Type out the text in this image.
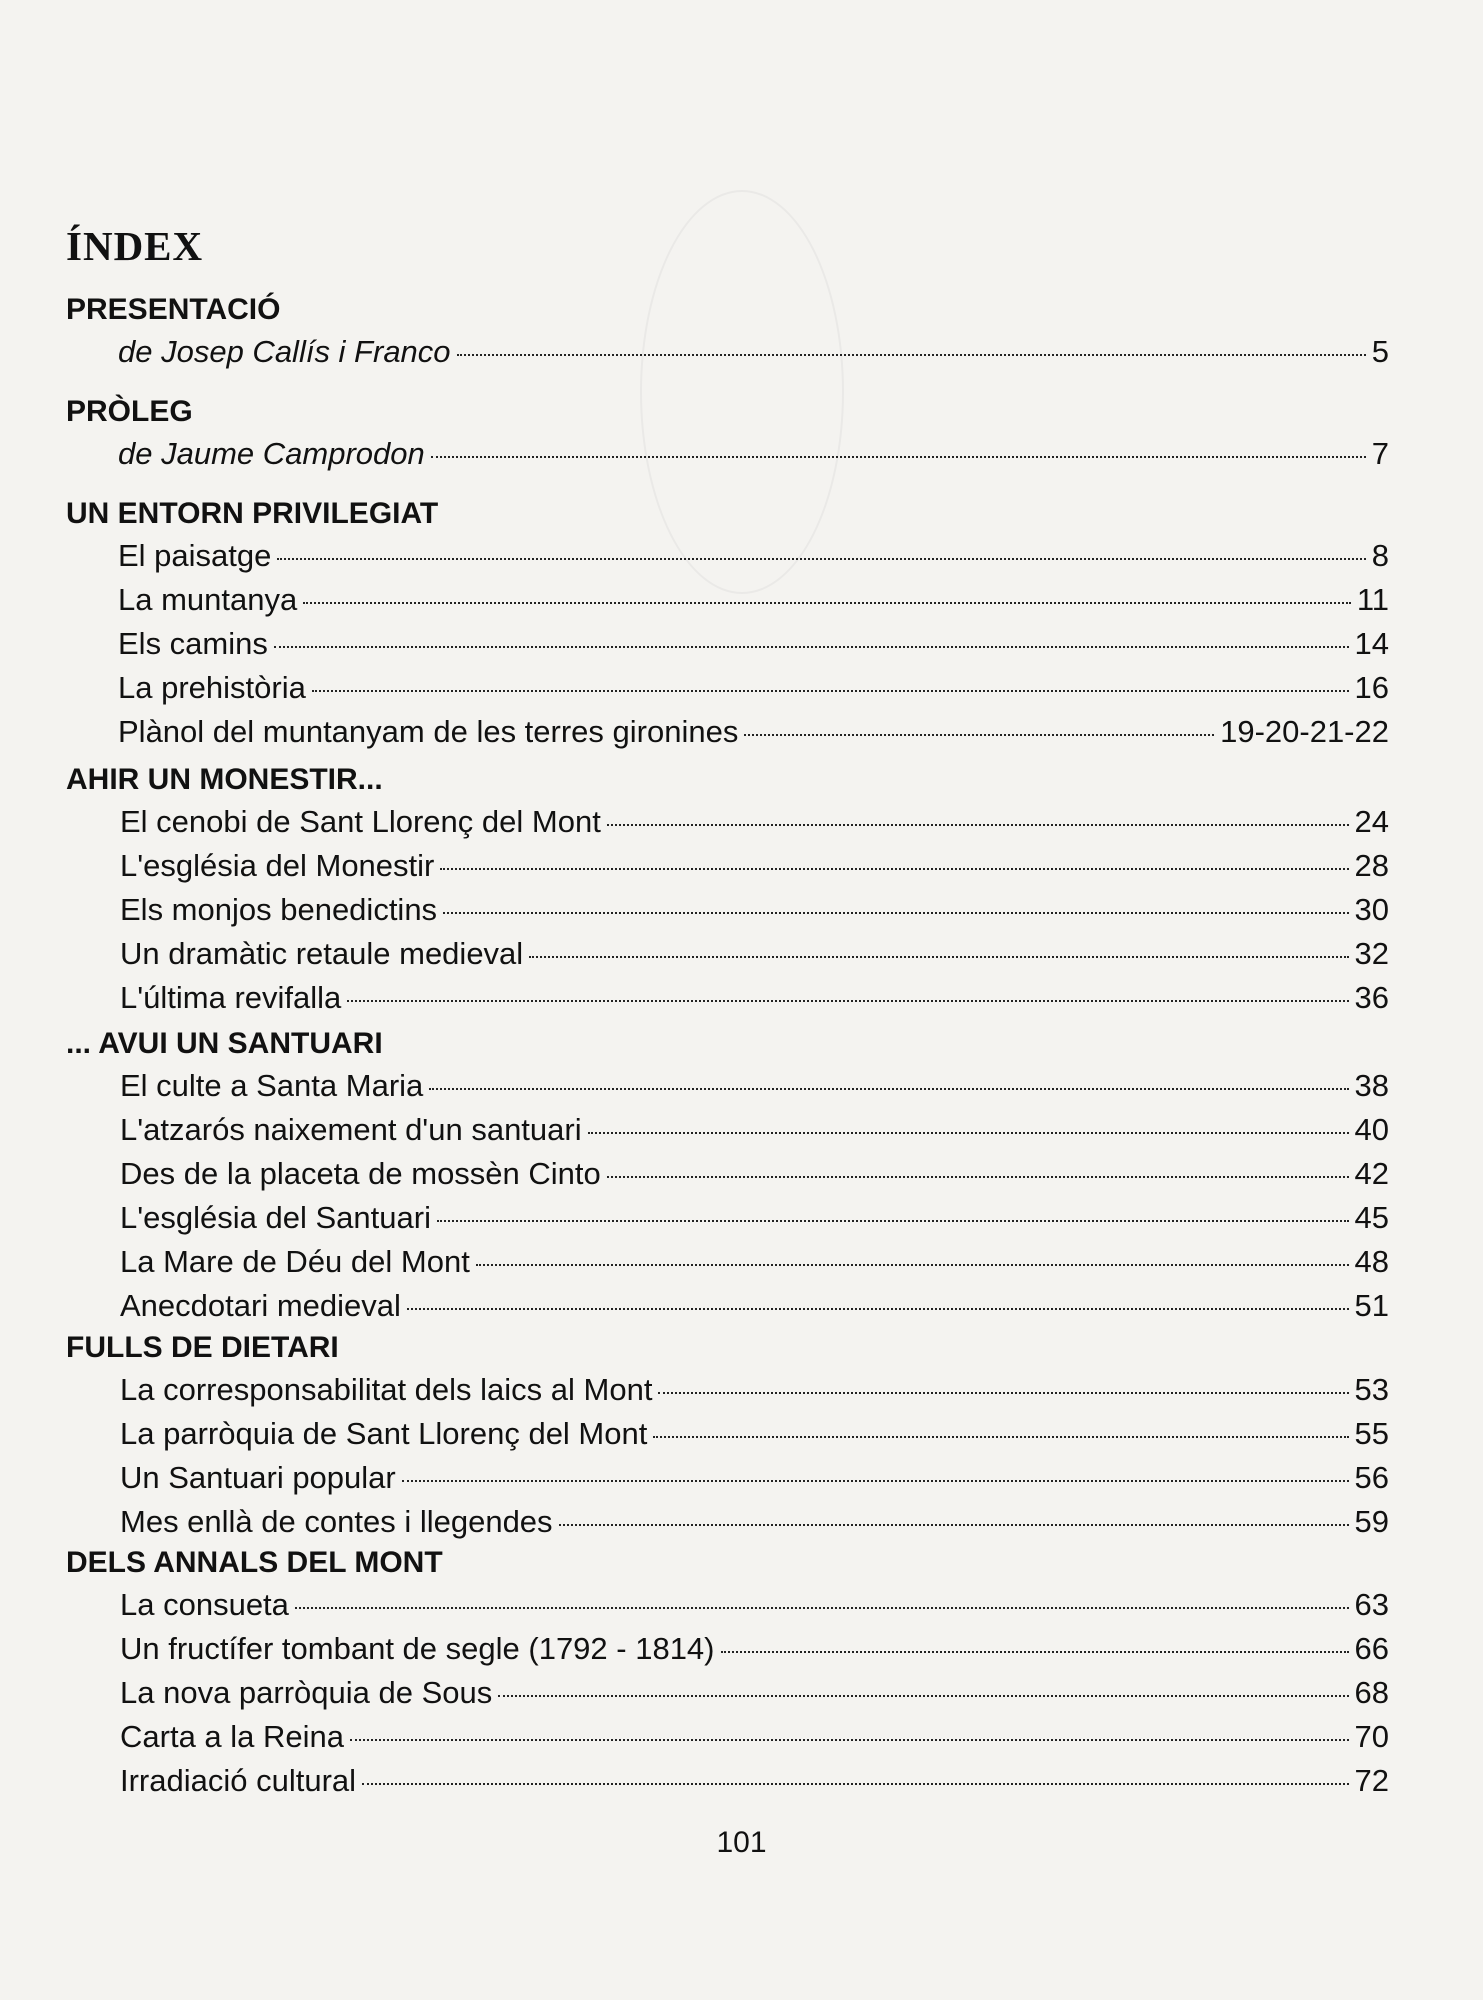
ÍNDEX
PRESENTACIÓ
de Josep Callís i Franco	5
PRÒLEG
de Jaume Camprodon	7
UN ENTORN PRIVILEGIAT
El paisatge	8
La muntanya	11
Els camins	14
La prehistòria	16
Plànol del muntanyam de les terres gironines	19-20-21-22
AHIR UN MONESTIR...
El cenobi de Sant Llorenç del Mont	24
L'església del Monestir	28
Els monjos benedictins	30
Un dramàtic retaule medieval	32
L'última revifalla	36
... AVUI UN SANTUARI
El culte a Santa Maria	38
L'atzarós naixement d'un santuari	40
Des de la placeta de mossèn Cinto	42
L'església del Santuari	45
La Mare de Déu del Mont	48
Anecdotari medieval	51
FULLS DE DIETARI
La corresponsabilitat dels laics al Mont	53
La parròquia de Sant Llorenç del Mont	55
Un Santuari popular	56
Mes enllà de contes i llegendes	59
DELS ANNALS DEL MONT
La consueta	63
Un fructífer tombant de segle (1792 - 1814)	66
La nova parròquia de Sous	68
Carta a la Reina	70
Irradiació cultural	72
101
